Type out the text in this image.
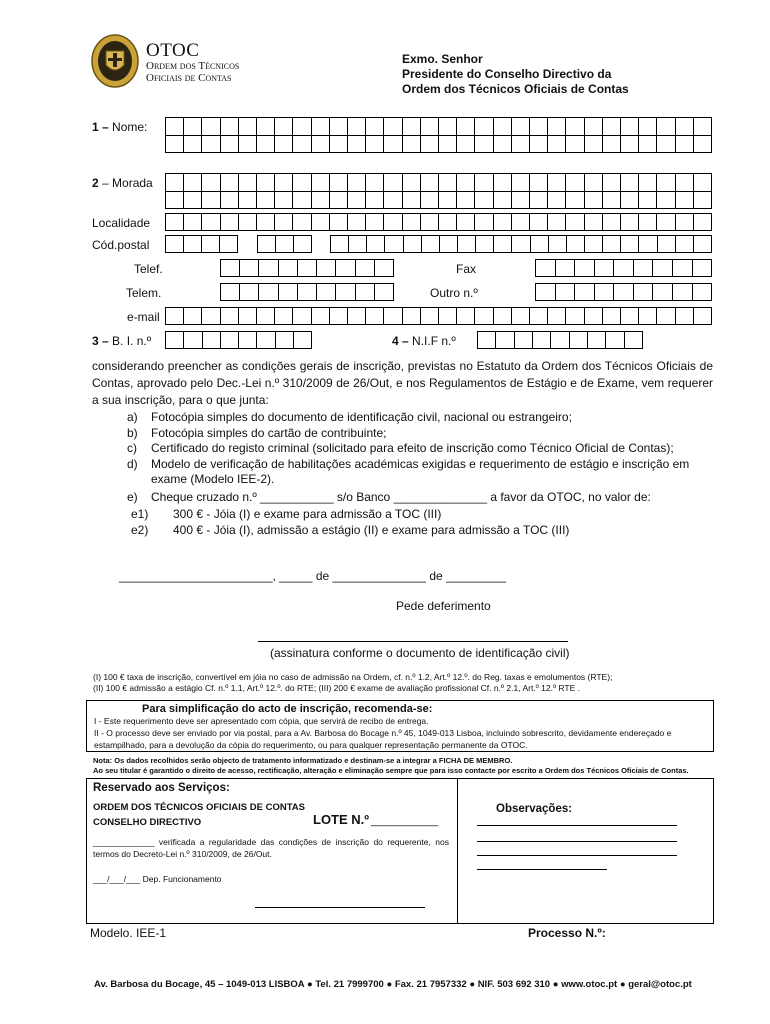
OTOC
Ordem dos Técnicos
Oficiais de Contas
Exmo. Senhor
Presidente do Conselho Directivo da
Ordem dos Técnicos Oficiais de Contas
1 – Nome:
2 – Morada
Localidade
Cód.postal
Telef.	Fax
Telem.	Outro n.º
e-mail
3 – B. I. n.º	4 – N.I.F n.º
considerando preencher as condições gerais de inscrição, previstas no Estatuto da Ordem dos Técnicos Oficiais de Contas, aprovado pelo Dec.-Lei n.º 310/2009 de 26/Out, e nos Regulamentos de Estágio e de Exame, vem requerer a sua inscrição, para o que junta:
a)	Fotocópia simples do documento de identificação civil, nacional ou estrangeiro;
b)	Fotocópia simples do cartão de contribuinte;
c)	Certificado do registo criminal (solicitado para efeito de inscrição como Técnico Oficial de Contas);
d)	Modelo de verificação de habilitações académicas exigidas e requerimento de estágio e inscrição em exame (Modelo IEE-2).
e)	Cheque cruzado n.º ___________ s/o Banco ______________ a favor da OTOC, no valor de:
e1)	300 € - Jóia (I) e exame para admissão a TOC (III)
e2)	400 € - Jóia (I), admissão a estágio (II) e exame para admissão a TOC (III)
_______________________, _____ de ______________ de _________
Pede deferimento
(assinatura conforme o documento de identificação civil)
(I) 100 € taxa de inscrição, convertível em jóia no caso de admissão na Ordem, cf. n.º 1.2, Art.º 12.º. do Reg. taxas e emolumentos (RTE);
(II) 100 € admissão a estágio Cf. n.º 1.1, Art.º 12.º. do RTE; (III) 200 € exame de avaliação profissional Cf. n.º 2.1, Art.º 12.º RTE .
Para simplificação do acto de inscrição, recomenda-se:
I - Este requerimento deve ser apresentado com cópia, que servirá de recibo de entrega.
II - O processo deve ser enviado por via postal, para a Av. Barbosa do Bocage n.º 45, 1049-013 Lisboa, incluindo sobrescrito, devidamente endereçado e estampilhado, para a devolução da cópia do requerimento, ou para qualquer representação permanente da OTOC.
Nota: Os dados recolhidos serão objecto de tratamento informatizado e destinam-se a integrar a FICHA DE MEMBRO.
Ao seu titular é garantido o direito de acesso, rectificação, alteração e eliminação sempre que para isso contacte por escrito a Ordem dos Técnicos Oficiais de Contas.
Reservado aos Serviços:
ORDEM DOS TÉCNICOS OFICIAIS DE CONTAS
CONSELHO DIRECTIVO	LOTE N.º ___________
_____________ verificada a regularidade das condições de inscrição do requerente, nos termos do Decreto-Lei n.º 310/2009, de 26/Out.
___/___/___ Dep. Funcionamento
Observações:
Modelo. IEE-1	Processo N.º:
Av. Barbosa du Bocage, 45 – 1049-013 LISBOA ● Tel. 21 7999700 ● Fax. 21 7957332 ● NIF. 503 692 310 ● www.otoc.pt ● geral@otoc.pt
